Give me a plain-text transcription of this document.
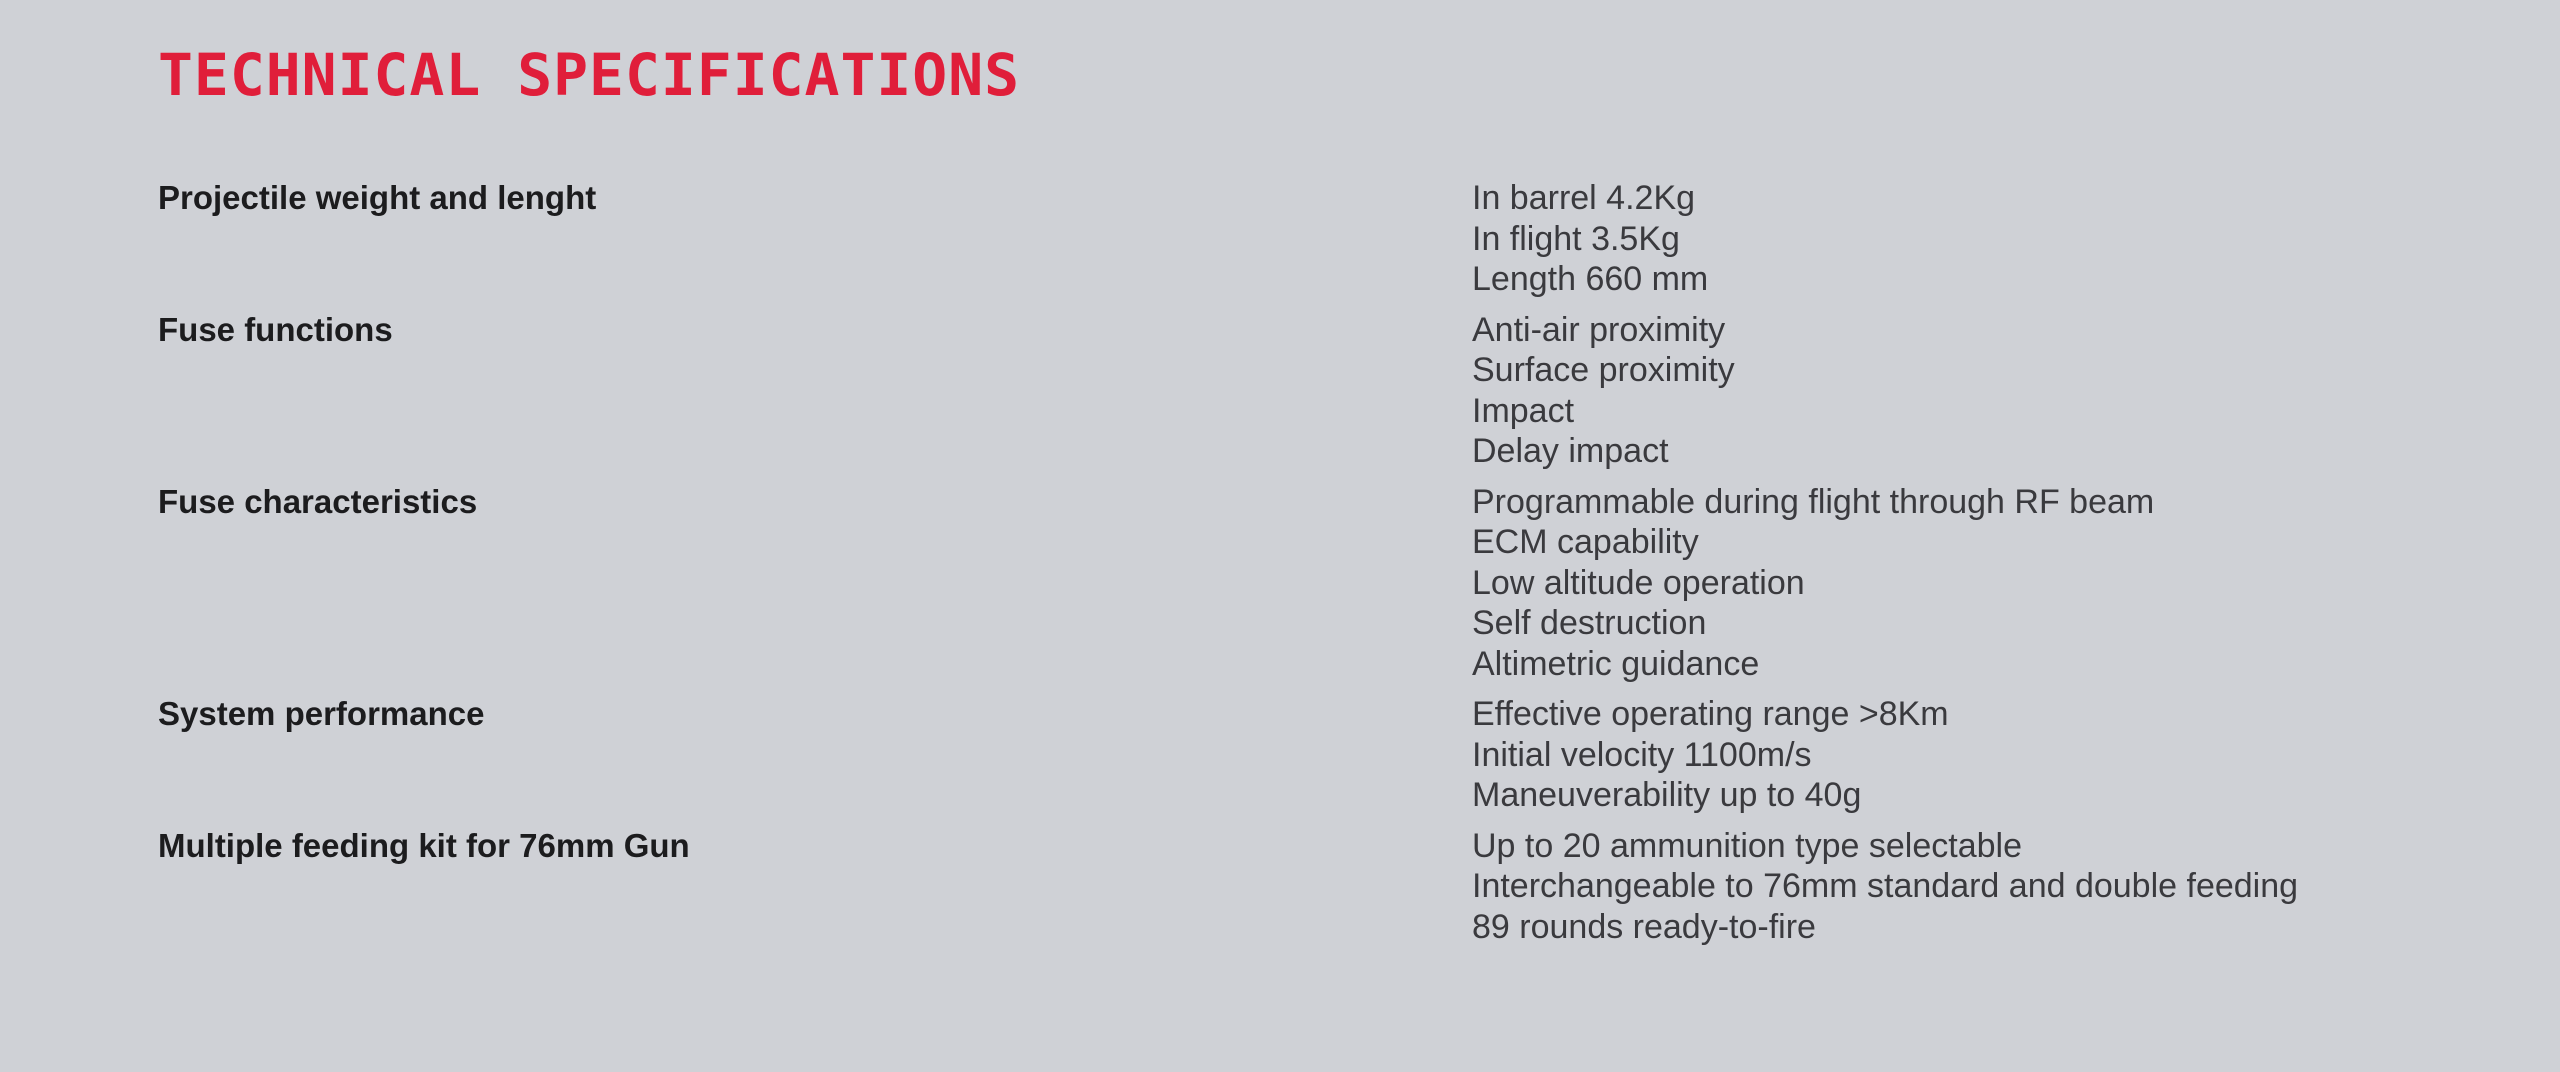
TECHNICAL SPECIFICATIONS
Projectile weight and lenght	In barrel 4.2Kg
In flight 3.5Kg
Length 660 mm
Fuse functions	Anti-air proximity
Surface proximity
Impact
Delay impact
Fuse characteristics	Programmable during flight through RF beam
ECM capability
Low altitude operation
Self destruction
Altimetric guidance
System performance	Effective operating range >8Km
Initial velocity 1100m/s
Maneuverability up to 40g
Multiple feeding kit for 76mm Gun	Up to 20 ammunition type selectable
Interchangeable to 76mm standard and double feeding
89 rounds ready-to-fire
